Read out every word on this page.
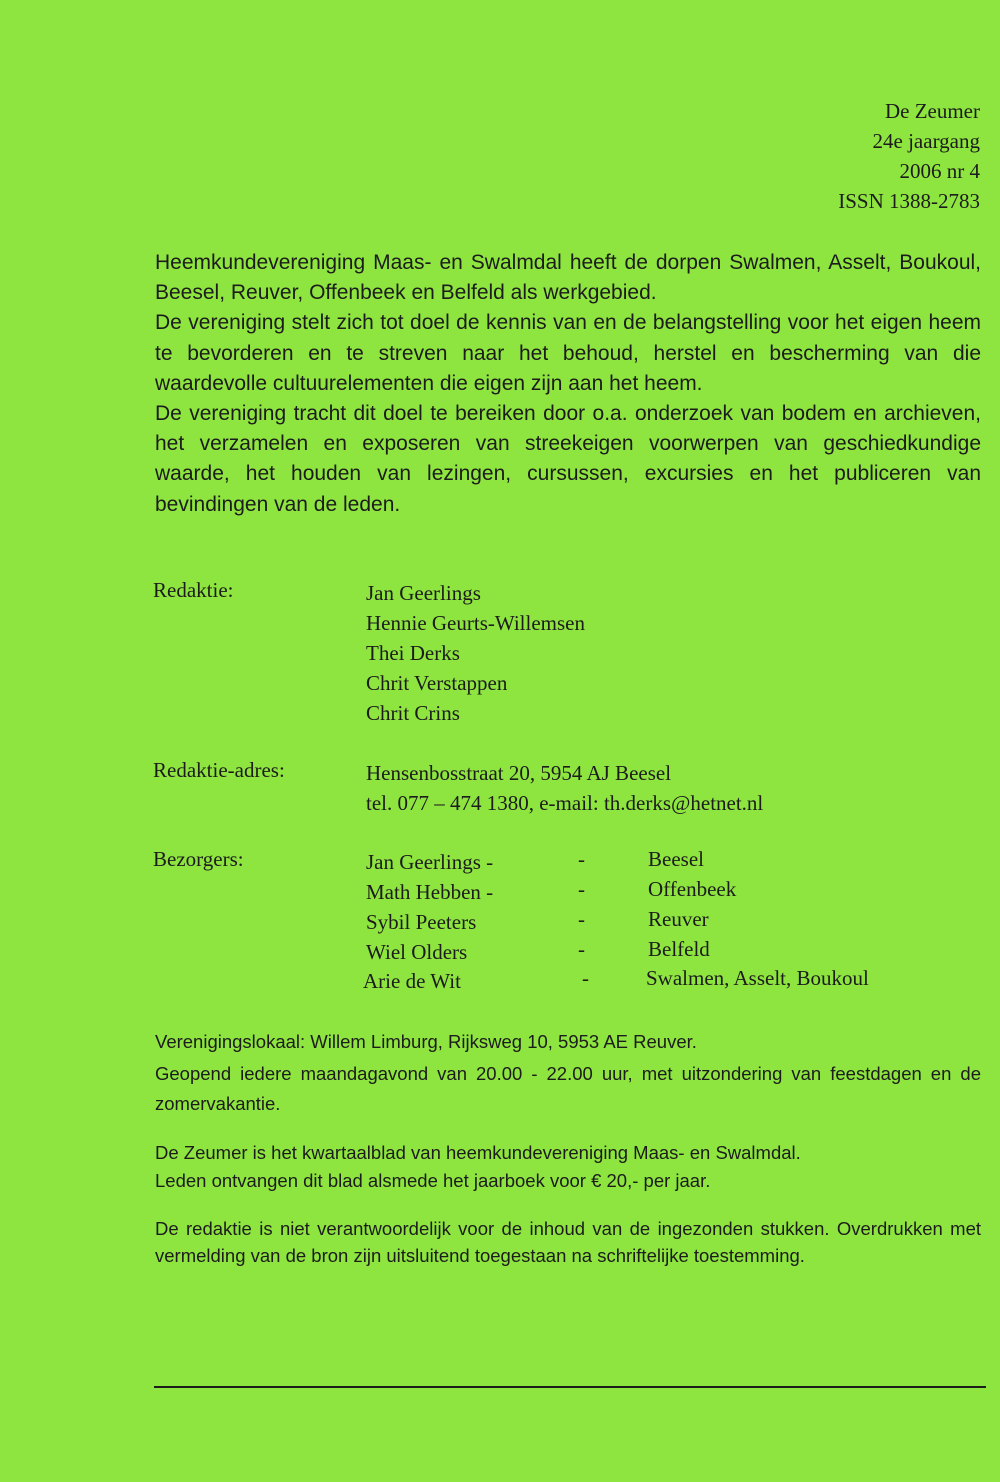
De Zeumer
24e jaargang
2006 nr 4
ISSN 1388-2783

Heemkundevereniging Maas- en Swalmdal heeft de dorpen Swalmen, Asselt, Boukoul, Beesel, Reuver, Offenbeek en Belfeld als werkgebied.

De vereniging stelt zich tot doel de kennis van en de belangstelling voor het eigen heem te bevorderen en te streven naar het behoud, herstel en bescherming van die waardevolle cultuurelementen die eigen zijn aan het heem.

De vereniging tracht dit doel te bereiken door o.a. onderzoek van bodem en archieven, het verzamelen en exposeren van streekeigen voorwerpen van geschiedkundige waarde, het houden van lezingen, cursussen, excursies en het publiceren van bevindingen van de leden.

Redaktie:	Jan Geerlings
Hennie Geurts-Willemsen
Thei Derks
Chrit Verstappen
Chrit Crins
Redaktie-adres:	Hensenbosstraat 20, 5954 AJ Beesel
tel. 077 – 474 1380, e-mail: th.derks@hetnet.nl
Bezorgers:	Jan Geerlings -	-	Beesel
Math Hebben -	-	Offenbeek
Sybil Peeters	-	Reuver
Wiel Olders	-	Belfeld
Arie de Wit	-	Swalmen, Asselt, Boukoul
Verenigingslokaal: Willem Limburg, Rijksweg 10, 5953 AE Reuver.

Geopend iedere maandagavond van 20.00 - 22.00 uur, met uitzondering van feestdagen en de zomervakantie.

De Zeumer is het kwartaalblad van heemkundevereniging Maas- en Swalmdal.
Leden ontvangen dit blad alsmede het jaarboek voor € 20,- per jaar.

De redaktie is niet verantwoordelijk voor de inhoud van de ingezonden stukken. Overdrukken met vermelding van de bron zijn uitsluitend toegestaan na schriftelijke toestemming.
